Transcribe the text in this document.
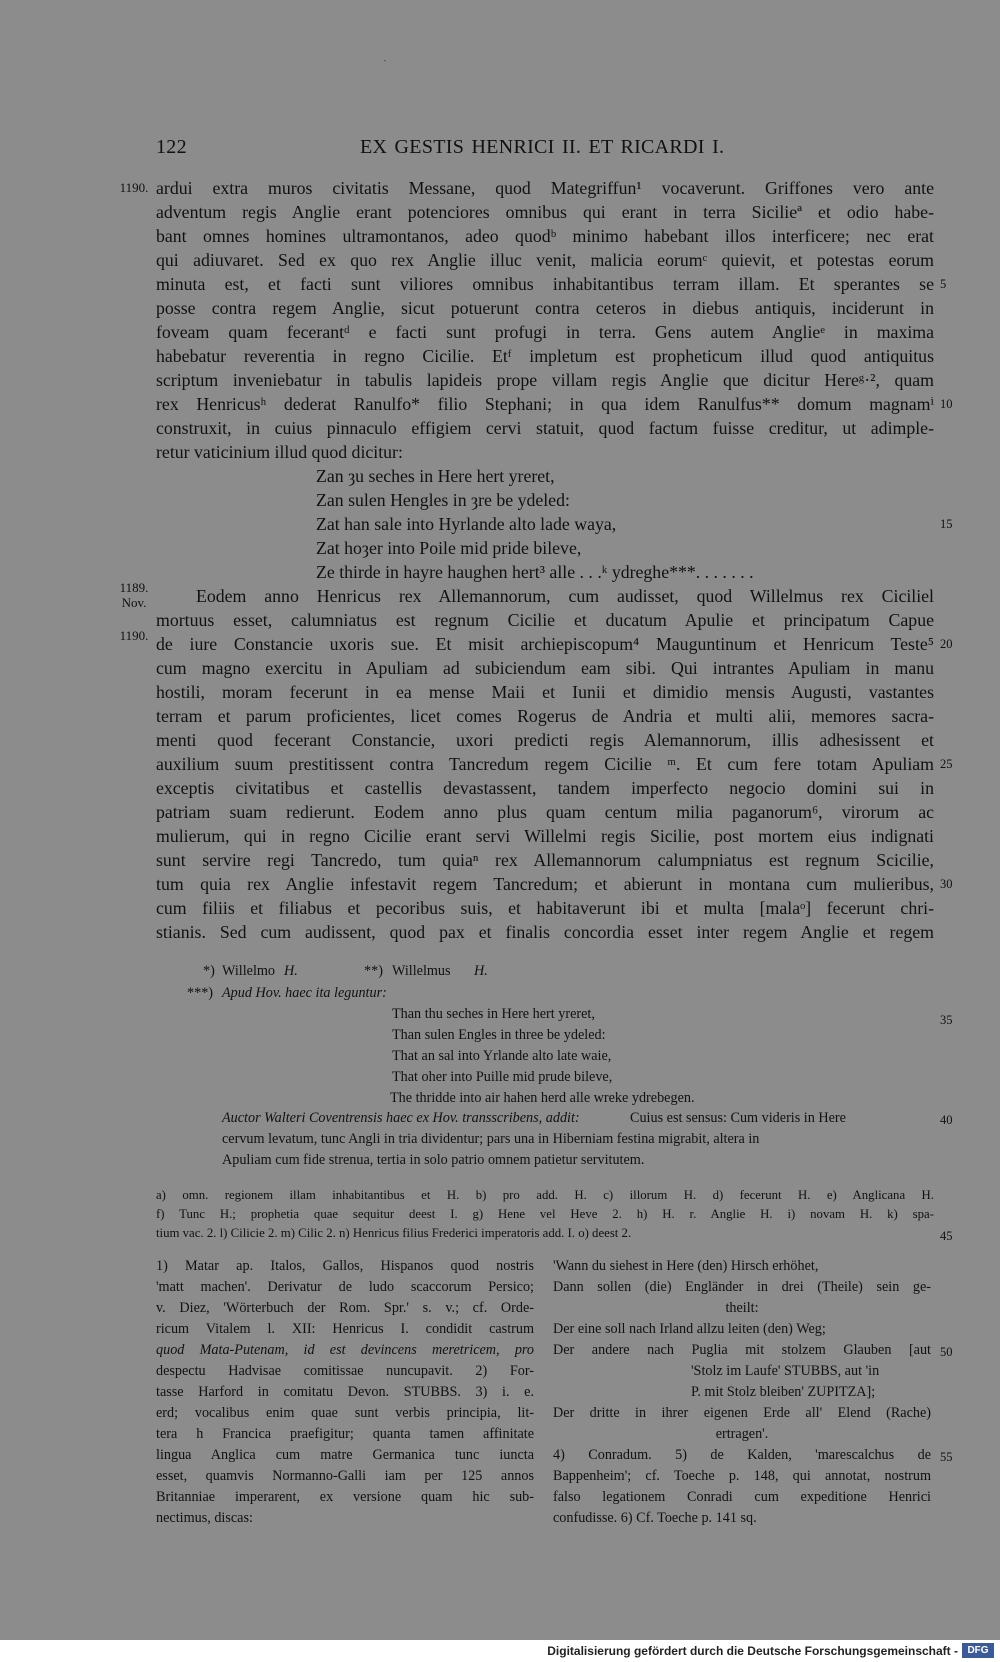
ˏ
122	EX GESTIS HENRICI II. ET RICARDI I.
1190.
1189.
Nov.
1190.
ardui extra muros civitatis Messane, quod Mategriffun¹ vocaverunt. Griffones vero ante
adventum regis Anglie erant potenciores omnibus qui erant in terra Sicilieª et odio habe-
bant omnes homines ultramontanos, adeo quodᵇ minimo habebant illos interficere; nec erat
qui adiuvaret. Sed ex quo rex Anglie illuc venit, malicia eorumᶜ quievit, et potestas eorum
minuta est, et facti sunt viliores omnibus inhabitantibus terram illam. Et sperantes se
posse contra regem Anglie, sicut potuerunt contra ceteros in diebus antiquis, inciderunt in
foveam quam fecerantᵈ e facti sunt profugi in terra. Gens autem Anglieᵉ in maxima
habebatur reverentia in regno Cicilie. Etᶠ impletum est propheticum illud quod antiquitus
scriptum inveniebatur in tabulis lapideis prope villam regis Anglie que dicitur Hereᵍ·², quam
rex Henricusʰ dederat Ranulfo* filio Stephani; in qua idem Ranulfus** domum magnamⁱ
construxit, in cuius pinnaculo effigiem cervi statuit, quod factum fuisse creditur, ut adimple-
retur vaticinium illud quod dicitur:
Zan ȝu seches in Here hert yreret,
Zan sulen Hengles in ȝre be ydeled:
Zat han sale into Hyrlande alto lade waya,
Zat hoȝer into Poile mid pride bileve,
Ze thirde in hayre haughen hert³ alle . . .ᵏ ydreghe***. . . . . . .
Eodem anno Henricus rex Allemannorum, cum audisset, quod Willelmus rex Ciciliel
mortuus esset, calumniatus est regnum Cicilie et ducatum Apulie et principatum Capue
de iure Constancie uxoris sue. Et misit archiepiscopum⁴ Mauguntinum et Henricum Teste⁵
cum magno exercitu in Apuliam ad subiciendum eam sibi. Qui intrantes Apuliam in manu
hostili, moram fecerunt in ea mense Maii et Iunii et dimidio mensis Augusti, vastantes
terram et parum proficientes, licet comes Rogerus de Andria et multi alii, memores sacra-
menti quod fecerant Constancie, uxori predicti regis Alemannorum, illis adhesissent et
auxilium suum prestitissent contra Tancredum regem Cicilie ᵐ. Et cum fere totam Apuliam
exceptis civitatibus et castellis devastassent, tandem imperfecto negocio domini sui in
patriam suam redierunt. Eodem anno plus quam centum milia paganorum⁶, virorum ac
mulierum, qui in regno Cicilie erant servi Willelmi regis Sicilie, post mortem eius indignati
sunt servire regi Tancredo, tum quiaⁿ rex Allemannorum calumpniatus est regnum Scicilie,
tum quia rex Anglie infestavit regem Tancredum; et abierunt in montana cum mulieribus,
cum filiis et filiabus et pecoribus suis, et habitaverunt ibi et multa [malaᵒ] fecerunt chri-
stianis. Sed cum audissent, quod pax et finalis concordia esset inter regem Anglie et regem
5
10
15
20
25
30
*) Willelmo H.	**) Willelmus H.
***) Apud Hov. haec ita leguntur:
Than thu seches in Here hert yreret,
Than sulen Engles in three be ydeled:
That an sal into Yrlande alto late waie,
That oher into Puille mid prude bileve,
The thridde into air hahen herd alle wreke ydrebegen.
Auctor Walteri Coventrensis haec ex Hov. transscribens, addit:	Cuius est sensus: Cum videris in Here
cervum levatum, tunc Angli in tria dividentur; pars una in Hiberniam festina migrabit, altera in
Apuliam cum fide strenua, tertia in solo patrio omnem patietur servitutem.
35
40
a) omn. regionem illam inhabitantibus et H. b) pro add. H. c) illorum H. d) fecerunt H. e) Anglicana H.
f) Tunc H.; prophetia quae sequitur deest I. g) Hene vel Heve 2. h) H. r. Anglie H. i) novam H. k) spa-
tium vac. 2. l) Cilicie 2. m) Cilic 2. n) Henricus filius Frederici imperatoris add. I. o) deest 2.	45
1) Matar ap. Italos, Gallos, Hispanos quod nostris
'matt machen'. Derivatur de ludo scaccorum Persico;
v. Diez, 'Wörterbuch der Rom. Spr.' s. v.; cf. Orde-
ricum Vitalem l. XII: Henricus I. condidit castrum
quod Mata-Putenam, id est devincens meretricem, pro
despectu Hadvisae comitissae nuncupavit. 2) For-
tasse Harford in comitatu Devon. STUBBS. 3) i. e.
erd; vocalibus enim quae sunt verbis principia, lit-
tera h Francica praefigitur; quanta tamen affinitate
lingua Anglica cum matre Germanica tunc iuncta
esset, quamvis Normanno-Galli iam per 125 annos
Britanniae imperarent, ex versione quam hic sub-
nectimus, discas:
'Wann du siehest in Here (den) Hirsch erhöhet,
Dann sollen (die) Engländer in drei (Theile) sein ge-
theilt:
Der eine soll nach Irland allzu leiten (den) Weg;
Der andere nach Puglia mit stolzem Glauben [aut
'Stolz im Laufe' STUBBS, aut 'in
P. mit Stolz bleiben' ZUPITZA];
Der dritte in ihrer eigenen Erde all' Elend (Rache)
ertragen'.
4) Conradum. 5) de Kalden, 'marescalchus de
Bappenheim'; cf. Toeche p. 148, qui annotat, nostrum
falso legationem Conradi cum expeditione Henrici
confudisse. 6) Cf. Toeche p. 141 sq.
50
55
Digitalisierung gefördert durch die Deutsche Forschungsgemeinschaft - DFG
